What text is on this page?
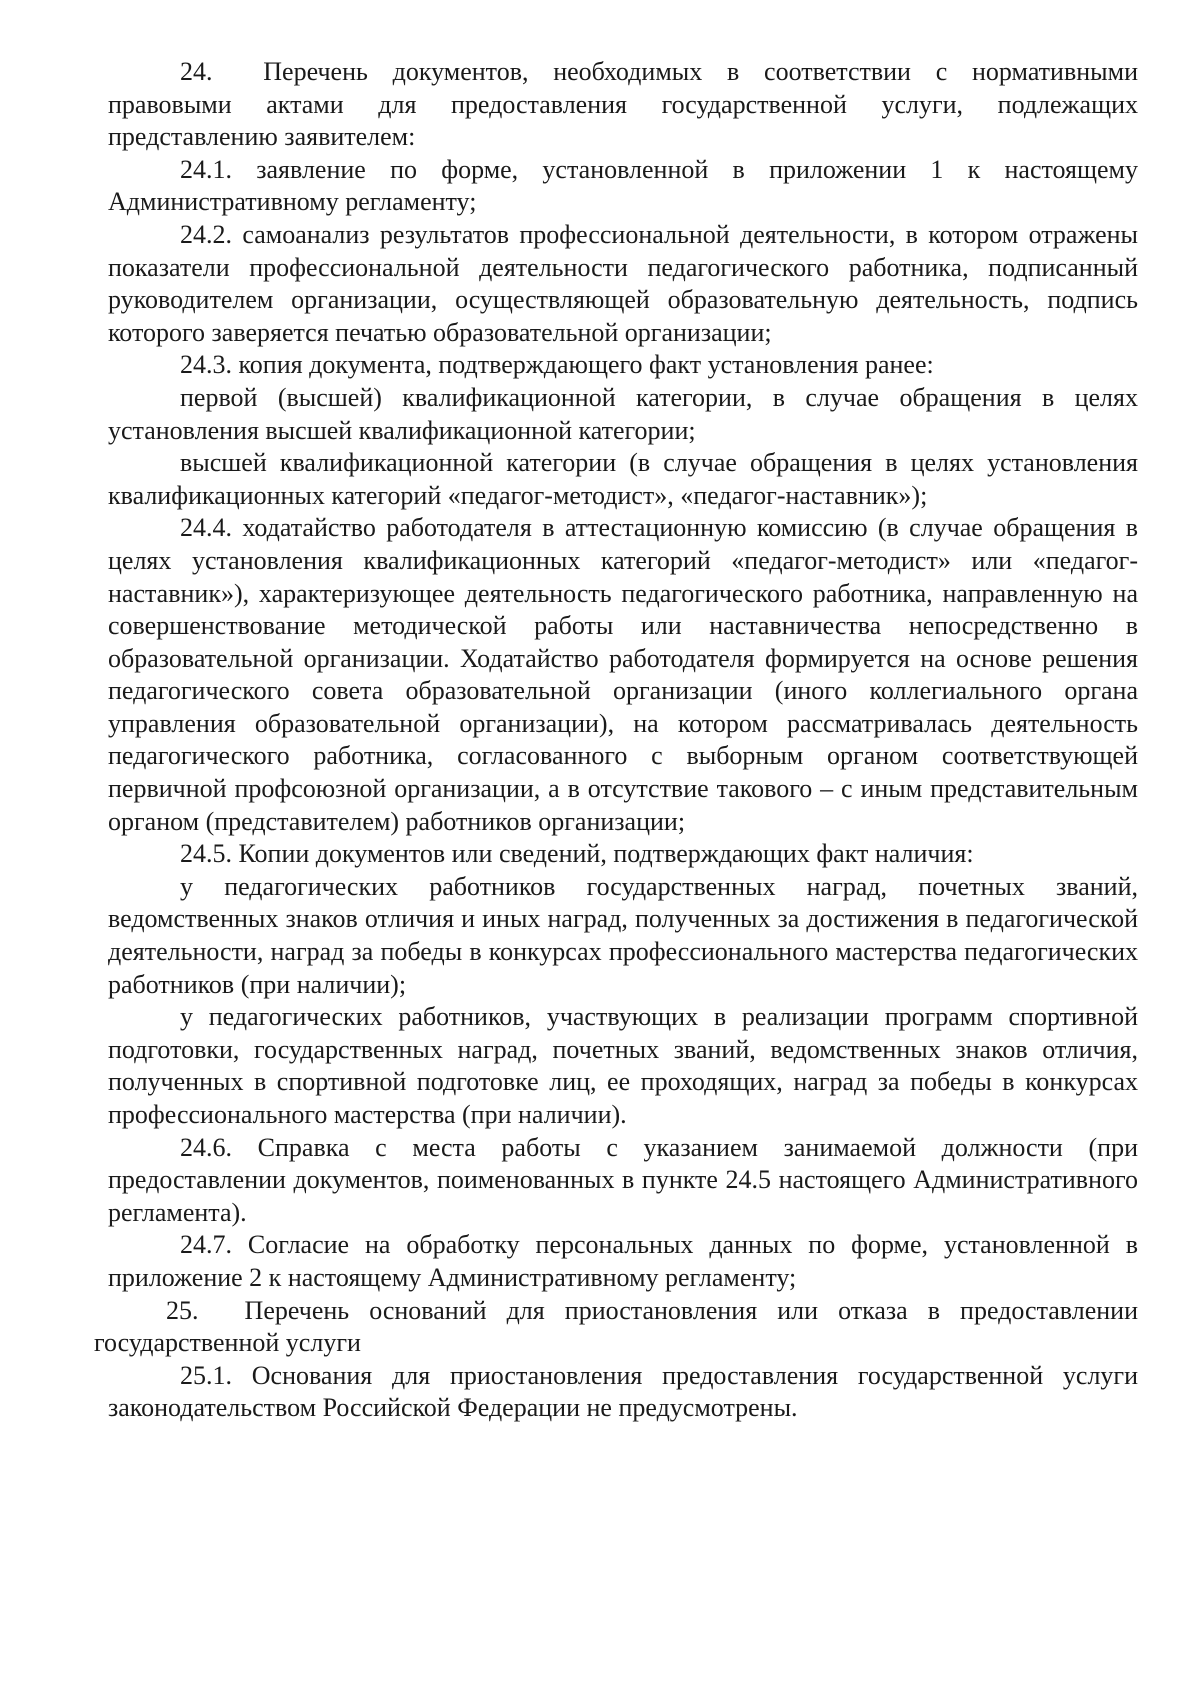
24.  Перечень документов, необходимых в соответствии с нормативными правовыми актами для предоставления государственной услуги, подлежащих представлению заявителем:

24.1. заявление по форме, установленной в приложении 1 к настоящему Административному регламенту;

24.2. самоанализ результатов профессиональной деятельности, в котором отражены показатели профессиональной деятельности педагогического работника, подписанный руководителем организации, осуществляющей образовательную деятельность, подпись которого заверяется печатью образовательной организации;

24.3. копия документа, подтверждающего факт установления ранее:

первой (высшей) квалификационной категории, в случае обращения в целях установления высшей квалификационной категории;

высшей квалификационной категории (в случае обращения в целях установления квалификационных категорий «педагог-методист», «педагог-наставник»);

24.4. ходатайство работодателя в аттестационную комиссию (в случае обращения в целях установления квалификационных категорий «педагог-методист» или «педагог-наставник»), характеризующее деятельность педагогического работника, направленную на совершенствование методической работы или наставничества непосредственно в образовательной организации. Ходатайство работодателя формируется на основе решения педагогического совета образовательной организации (иного коллегиального органа управления образовательной организации), на котором рассматривалась деятельность педагогического работника, согласованного с выборным органом соответствующей первичной профсоюзной организации, а в отсутствие такового – с иным представительным органом (представителем) работников организации;

24.5. Копии документов или сведений, подтверждающих факт наличия:

у педагогических работников государственных наград, почетных званий, ведомственных знаков отличия и иных наград, полученных за достижения в педагогической деятельности, наград за победы в конкурсах профессионального мастерства педагогических работников (при наличии);

у педагогических работников, участвующих в реализации программ спортивной подготовки, государственных наград, почетных званий, ведомственных знаков отличия, полученных в спортивной подготовке лиц, ее проходящих, наград за победы в конкурсах профессионального мастерства (при наличии).

24.6. Справка с места работы с указанием занимаемой должности (при предоставлении документов, поименованных в пункте 24.5 настоящего Административного регламента).

24.7. Согласие на обработку персональных данных по форме, установленной в приложение 2 к настоящему Административному регламенту;

25.  Перечень оснований для приостановления или отказа в предоставлении государственной услуги

25.1. Основания для приостановления предоставления государственной услуги законодательством Российской Федерации не предусмотрены.
